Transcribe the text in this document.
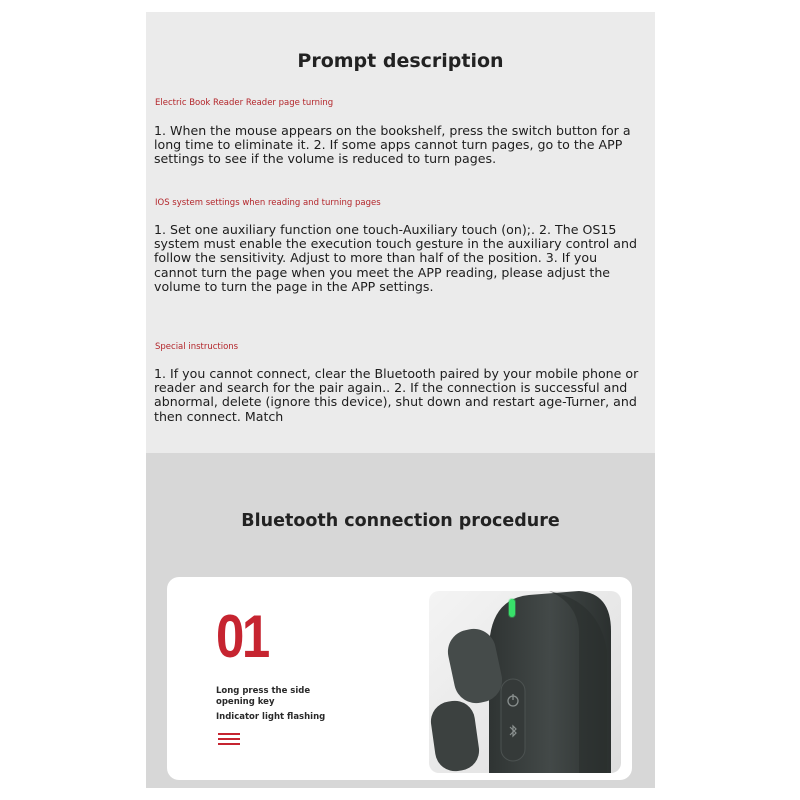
Prompt description
Electric Book Reader Reader page turning
1. When the mouse appears on the bookshelf, press the switch button for a long time to eliminate it. 2. If some apps cannot turn pages, go to the APP settings to see if the volume is reduced to turn pages.
IOS system settings when reading and turning pages
1. Set one auxiliary function one touch-Auxiliary touch (on);. 2. The OS15 system must enable the execution touch gesture in the auxiliary control and follow the sensitivity. Adjust to more than half of the position. 3. If you cannot turn the page when you meet the APP reading, please adjust the volume to turn the page in the APP settings.
Special instructions
1. If you cannot connect, clear the Bluetooth paired by your mobile phone or reader and search for the pair again.. 2. If the connection is successful and abnormal, delete (ignore this device), shut down and restart age-Turner, and then connect. Match
Bluetooth connection procedure
01
Long press the side
opening key
Indicator light flashing
